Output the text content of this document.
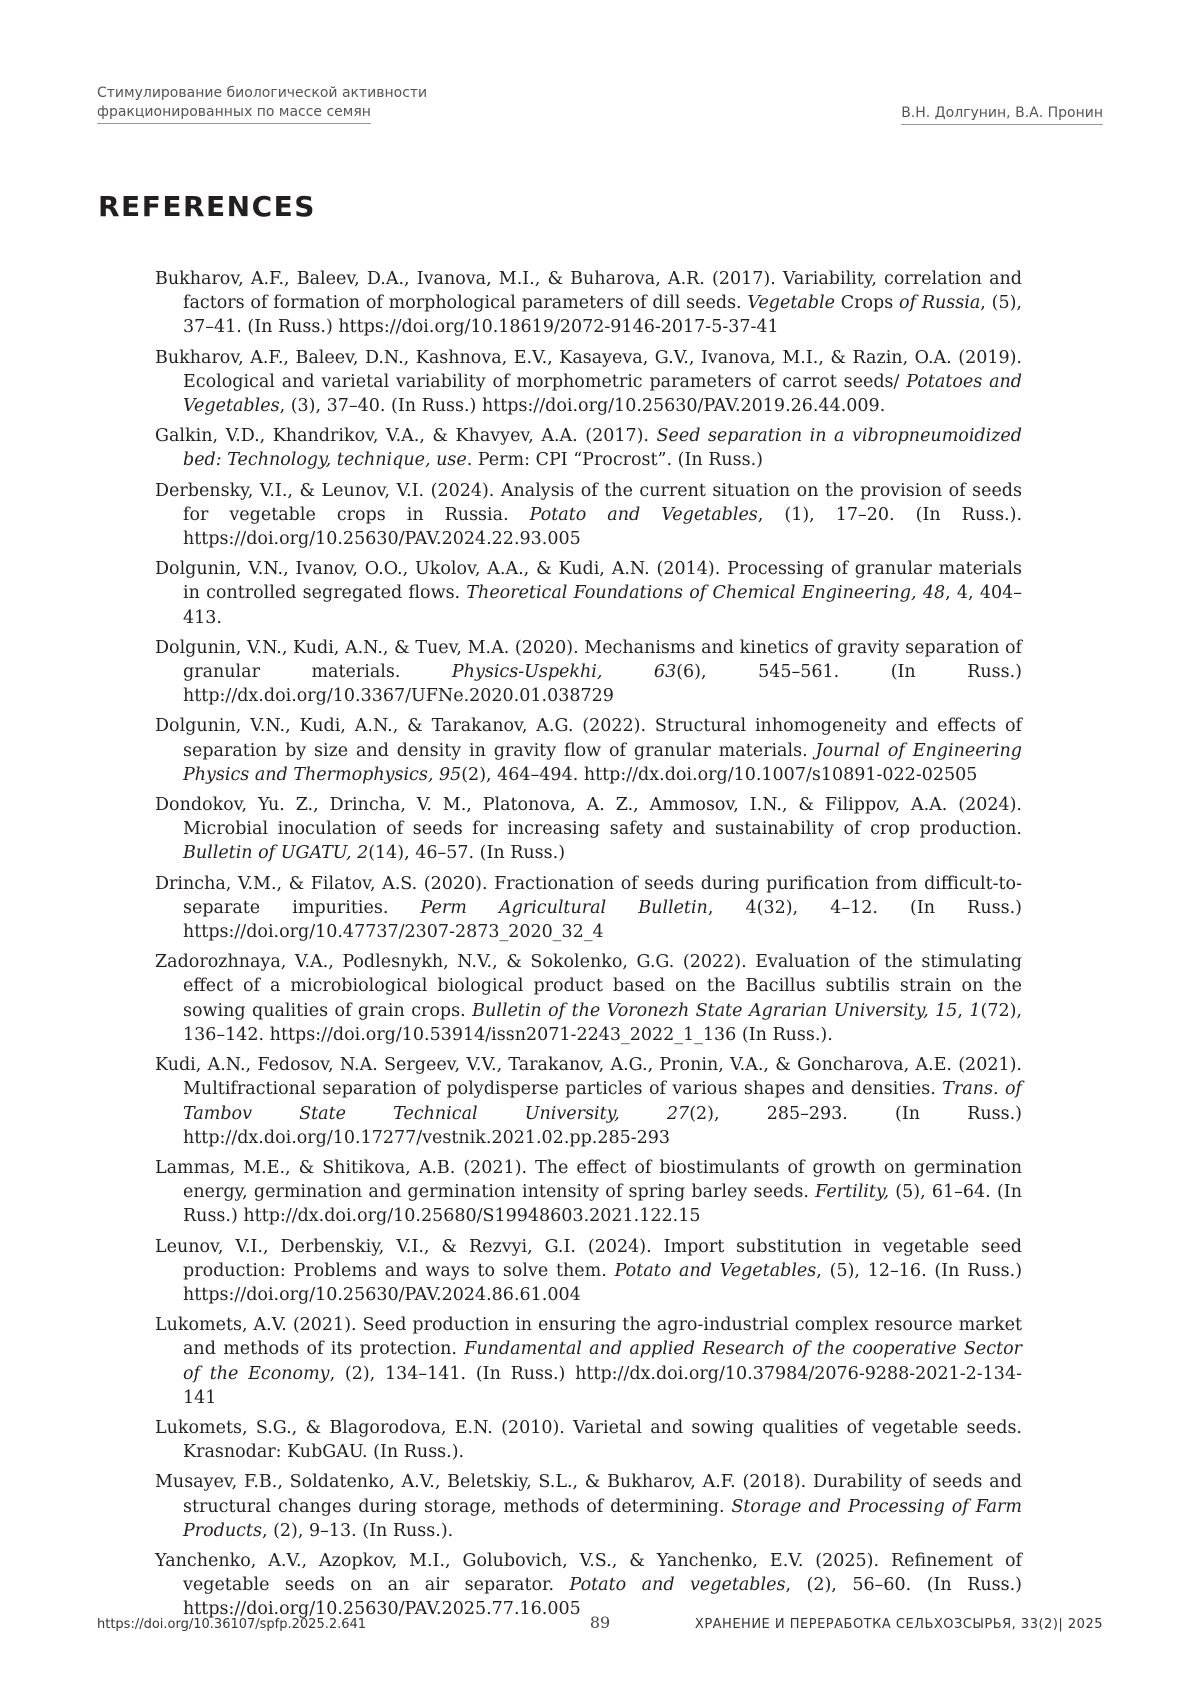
Стимулирование биологической активности
фракционированных по массе семян	В.Н. Долгунин, В.А. Пронин
REFERENCES
Bukharov, A.F., Baleev, D.A., Ivanova, M.I., & Buharova, A.R. (2017). Variability, correlation and factors of formation of morphological parameters of dill seeds. Vegetable Crops of Russia, (5), 37–41. (In Russ.) https://doi.org/10.18619/2072-9146-2017-5-37-41
Bukharov, A.F., Baleev, D.N., Kashnova, E.V., Kasayeva, G.V., Ivanova, M.I., & Razin, O.A. (2019). Ecological and varietal variability of morphometric parameters of carrot seeds/ Potatoes and Vegetables, (3), 37–40. (In Russ.) https://doi.org/10.25630/PAV.2019.26.44.009.
Galkin, V.D., Khandrikov, V.A., & Khavyev, A.A. (2017). Seed separation in a vibropneumoidized bed: Technology, technique, use. Perm: CPI “Procrost”. (In Russ.)
Derbensky, V.I., & Leunov, V.I. (2024). Analysis of the current situation on the provision of seeds for vegetable crops in Russia. Potato and Vegetables, (1), 17–20. (In Russ.). https://doi.org/10.25630/PAV.2024.22.93.005
Dolgunin, V.N., Ivanov, O.O., Ukolov, A.A., & Kudi, A.N. (2014). Processing of granular materials in controlled segregated flows. Theoretical Foundations of Chemical Engineering, 48, 4, 404–413.
Dolgunin, V.N., Kudi, A.N., & Tuev, M.A. (2020). Mechanisms and kinetics of gravity separation of granular materials. Physics-Uspekhi, 63(6), 545–561. (In Russ.) http://dx.doi.org/10.3367/UFNe.2020.01.038729
Dolgunin, V.N., Kudi, A.N., & Tarakanov, A.G. (2022). Structural inhomogeneity and effects of separation by size and density in gravity flow of granular materials. Journal of Engineering Physics and Thermophysics, 95(2), 464–494. http://dx.doi.org/10.1007/s10891-022-02505
Dondokov, Yu. Z., Drincha, V. M., Platonova, A. Z., Ammosov, I.N., & Filippov, A.A. (2024). Microbial inoculation of seeds for increasing safety and sustainability of crop production. Bulletin of UGATU, 2(14), 46–57. (In Russ.)
Drincha, V.M., & Filatov, A.S. (2020). Fractionation of seeds during purification from difficult-to-separate impurities. Perm Agricultural Bulletin, 4(32), 4–12. (In Russ.) https://doi.org/10.47737/2307-2873_2020_32_4
Zadorozhnaya, V.A., Podlesnykh, N.V., & Sokolenko, G.G. (2022). Evaluation of the stimulating effect of a microbiological biological product based on the Bacillus subtilis strain on the sowing qualities of grain crops. Bulletin of the Voronezh State Agrarian University, 15, 1(72), 136–142. https://doi.org/10.53914/issn2071-2243_2022_1_136 (In Russ.).
Kudi, A.N., Fedosov, N.A. Sergeev, V.V., Tarakanov, A.G., Pronin, V.A., & Goncharova, A.E. (2021). Multifractional separation of polydisperse particles of various shapes and densities. Trans. of Tambov State Technical University, 27(2), 285–293. (In Russ.) http://dx.doi.org/10.17277/vestnik.2021.02.pp.285-293
Lammas, M.E., & Shitikova, A.B. (2021). The effect of biostimulants of growth on germination energy, germination and germination intensity of spring barley seeds. Fertility, (5), 61–64. (In Russ.) http://dx.doi.org/10.25680/S19948603.2021.122.15
Leunov, V.I., Derbenskiy, V.I., & Rezvyi, G.I. (2024). Import substitution in vegetable seed production: Problems and ways to solve them. Potato and Vegetables, (5), 12–16. (In Russ.) https://doi.org/10.25630/PAV.2024.86.61.004
Lukomets, A.V. (2021). Seed production in ensuring the agro-industrial complex resource market and methods of its protection. Fundamental and applied Research of the cooperative Sector of the Economy, (2), 134–141. (In Russ.) http://dx.doi.org/10.37984/2076-9288-2021-2-134-141
Lukomets, S.G., & Blagorodova, E.N. (2010). Varietal and sowing qualities of vegetable seeds. Krasnodar: KubGAU. (In Russ.).
Musayev, F.B., Soldatenko, A.V., Beletskiy, S.L., & Bukharov, A.F. (2018). Durability of seeds and structural changes during storage, methods of determining. Storage and Processing of Farm Products, (2), 9–13. (In Russ.).
Yanchenko, A.V., Azopkov, M.I., Golubovich, V.S., & Yanchenko, E.V. (2025). Refinement of vegetable seeds on an air separator. Potato and vegetables, (2), 56–60. (In Russ.) https://doi.org/10.25630/PAV.2025.77.16.005
https://doi.org/10.36107/spfp.2025.2.641	89	ХРАНЕНИЕ И ПЕРЕРАБОТКА СЕЛЬХОЗСЫРЬЯ, 33(2)| 2025
